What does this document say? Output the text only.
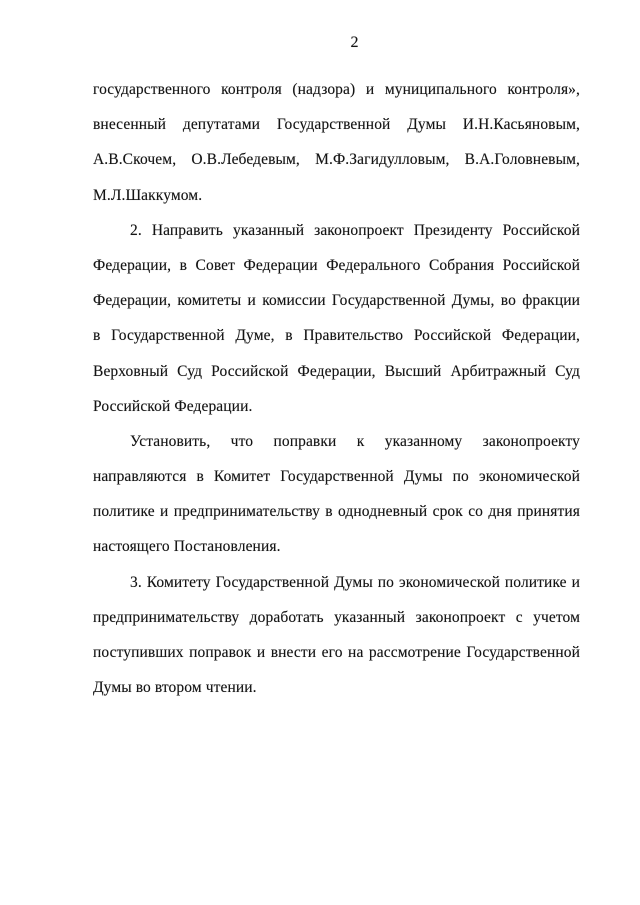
2
государственного контроля (надзора) и муниципального контроля»,
внесенный депутатами Государственной Думы И.Н.Касьяновым,
А.В.Скочем, О.В.Лебедевым, М.Ф.Загидулловым, В.А.Головневым,
М.Л.Шаккумом.
2. Направить указанный законопроект Президенту Российской
Федерации, в Совет Федерации Федерального Собрания Российской
Федерации, комитеты и комиссии Государственной Думы, во фракции
в Государственной Думе, в Правительство Российской Федерации,
Верховный Суд Российской Федерации, Высший Арбитражный Суд
Российской Федерации.
Установить, что поправки к указанному законопроекту
направляются в Комитет Государственной Думы по экономической
политике и предпринимательству в однодневный срок со дня принятия
настоящего Постановления.
3. Комитету Государственной Думы по экономической политике и
предпринимательству доработать указанный законопроект с учетом
поступивших поправок и внести его на рассмотрение Государственной
Думы во втором чтении.
